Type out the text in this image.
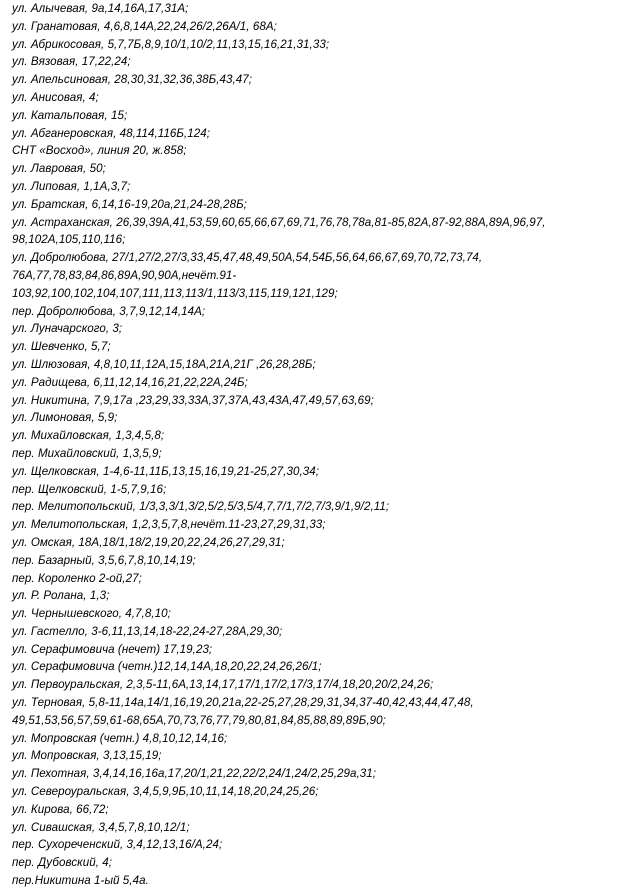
ул. Алычевая, 9а,14,16А,17,31А;
ул. Гранатовая, 4,6,8,14А,22,24,26/2,26А/1, 68А;
ул. Абрикосовая, 5,7,7Б,8,9,10/1,10/2,11,13,15,16,21,31,33;
ул. Вязовая, 17,22,24;
ул. Апельсиновая, 28,30,31,32,36,38Б,43,47;
ул. Анисовая, 4;
ул. Катальповая, 15;
ул. Абганеровская, 48,114,116Б,124;
СНТ «Восход», линия 20, ж.858;
ул. Лавровая, 50;
ул. Липовая, 1,1А,3,7;
ул. Братская, 6,14,16-19,20а,21,24-28,28Б;
ул. Астраханская, 26,39,39А,41,53,59,60,65,66,67,69,71,76,78,78а,81-85,82А,87-92,88А,89А,96,97,
98,102А,105,110,116;
ул. Добролюбова, 27/1,27/2,27/3,33,45,47,48,49,50А,54,54Б,56,64,66,67,69,70,72,73,74,
76А,77,78,83,84,86,89А,90,90А,нечёт.91-
103,92,100,102,104,107,111,113,113/1,113/3,115,119,121,129;
пер. Добролюбова, 3,7,9,12,14,14А;
ул. Луначарского, 3;
ул. Шевченко, 5,7;
ул. Шлюзовая, 4,8,10,11,12А,15,18А,21А,21Г ,26,28,28Б;
ул. Радищева, 6,11,12,14,16,21,22,22А,24Б;
ул. Никитина, 7,9,17а ,23,29,33,33А,37,37А,43,43А,47,49,57,63,69;
ул. Лимоновая, 5,9;
ул. Михайловская, 1,3,4,5,8;
пер. Михайловский, 1,3,5,9;
ул. Щелковская, 1-4,6-11,11Б,13,15,16,19,21-25,27,30,34;
пер. Щелковский, 1-5,7,9,16;
пер. Мелитопольский, 1/3,3,3/1,3/2,5/2,5/3,5/4,7,7/1,7/2,7/3,9/1,9/2,11;
ул. Мелитопольская, 1,2,3,5,7,8,нечёт.11-23,27,29,31,33;
ул. Омская, 18А,18/1,18/2,19,20,22,24,26,27,29,31;
пер. Базарный, 3,5,6,7,8,10,14,19;
пер. Короленко 2-ой,27;
ул. Р. Ролана, 1,3;
ул. Чернышевского, 4,7,8,10;
ул. Гастелло, 3-6,11,13,14,18-22,24-27,28А,29,30;
ул. Серафимовича (нечет) 17,19,23;
ул. Серафимовича (четн.)12,14,14А,18,20,22,24,26,26/1;
ул. Первоуральская, 2,3,5-11,6А,13,14,17,17/1,17/2,17/3,17/4,18,20,20/2,24,26;
ул. Терновая, 5,8-11,14а,14/1,16,19,20,21а,22-25,27,28,29,31,34,37-40,42,43,44,47,48,
49,51,53,56,57,59,61-68,65А,70,73,76,77,79,80,81,84,85,88,89,89Б,90;
ул. Мопровская (четн.) 4,8,10,12,14,16;
ул. Мопровская, 3,13,15,19;
ул. Пехотная, 3,4,14,16,16а,17,20/1,21,22,22/2,24/1,24/2,25,29а,31;
ул. Североуральская, 3,4,5,9,9Б,10,11,14,18,20,24,25,26;
ул. Кирова, 66,72;
ул. Сивашская, 3,4,5,7,8,10,12/1;
пер. Сухореченский, 3,4,12,13,16/А,24;
пер. Дубовский, 4;
пер.Никитина 1-ый 5,4а.
